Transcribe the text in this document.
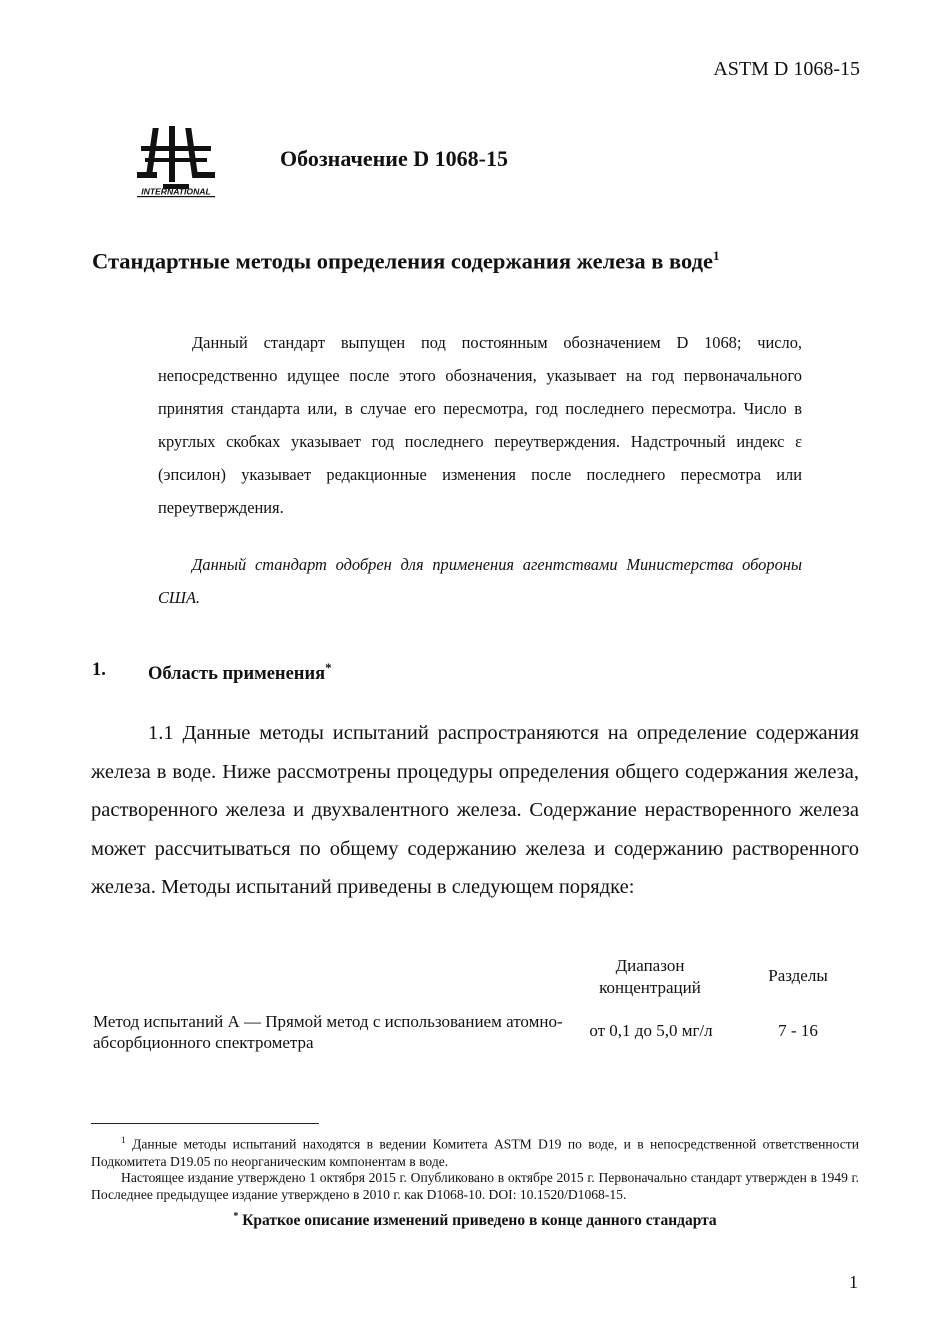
ASTM D 1068-15
INTERNATIONAL
Обозначение D 1068-15
Стандартные методы определения содержания железа в воде$^1$

Данный стандарт выпущен под постоянным обозначением D 1068; число, непосредственно идущее после этого обозначения, указывает на год первоначального принятия стандарта или, в случае его пересмотра, год последнего пересмотра. Число в круглых скобках указывает год последнего переутверждения. Надстрочный индекс ε (эпсилон) указывает редакционные изменения после последнего пересмотра или переутверждения.

Данный стандарт одобрен для применения агентствами Министерства обороны США.

1. Область применения*

1.1 Данные методы испытаний распространяются на определение содержания железа в воде. Ниже рассмотрены процедуры определения общего содержания железа, растворенного железа и двухвалентного железа. Содержание нерастворенного железа может рассчитываться по общему содержанию железа и содержанию растворенного железа. Методы испытаний приведены в следующем порядке:

Диапазон концентраций
Разделы
Метод испытаний А — Прямой метод с использованием атомно-абсорбционного спектрометра
от 0,1 до 5,0 мг/л	7 - 16

$^1$ Данные методы испытаний находятся в ведении Комитета ASTM D19 по воде, и в непосредственной ответственности Подкомитета D19.05 по неорганическим компонентам в воде.

Настоящее издание утверждено 1 октября 2015 г. Опубликовано в октябре 2015 г. Первоначально стандарт утвержден в 1949 г. Последнее предыдущее издание утверждено в 2010 г. как D1068-10. DOI: 10.1520/D1068-15.

* Краткое описание изменений приведено в конце данного стандарта
1
